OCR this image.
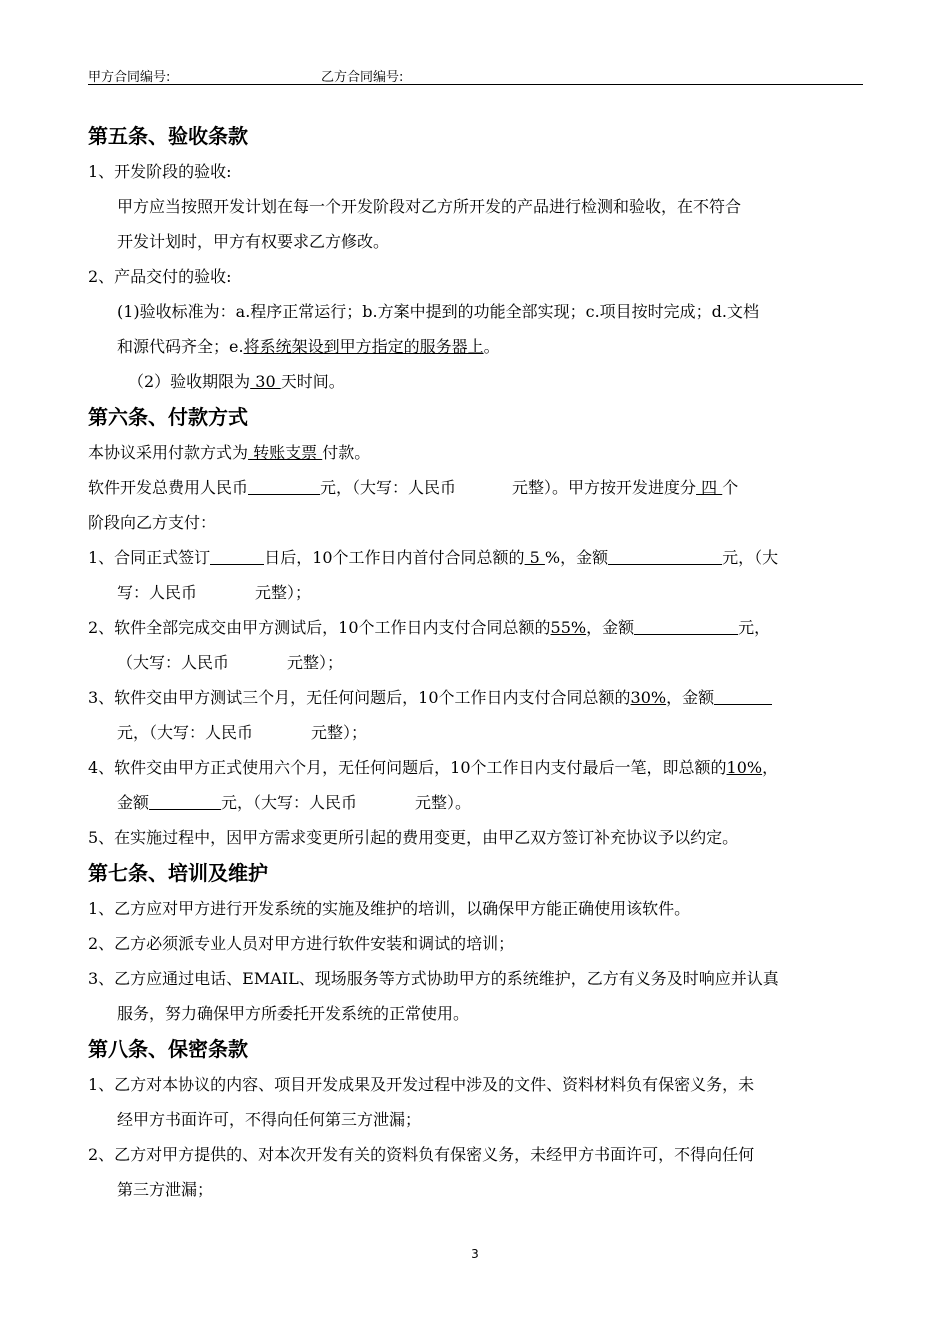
甲方合同编号:	乙方合同编号:
第五条、验收条款
1、开发阶段的验收:
甲方应当按照开发计划在每一个开发阶段对乙方所开发的产品进行检测和验收，在不符合
开发计划时，甲方有权要求乙方修改。
2、产品交付的验收:
(1)验收标准为：a.程序正常运行；b.方案中提到的功能全部实现；c.项目按时完成；d.文档
和源代码齐全；e.将系统架设到甲方指定的服务器上。
（2）验收期限为 30 天时间。
第六条、付款方式
本协议采用付款方式为 转账支票 付款。
软件开发总费用人民币	元，（大写：人民币	元整）。甲方按开发进度分 四 个
阶段向乙方支付：
1、合同正式签订	日后，10个工作日内首付合同总额的 5 %，金额	元，（大
写：人民币	元整）；
2、软件全部完成交由甲方测试后，10个工作日内支付合同总额的55%，金额	元，
（大写：人民币	元整）；
3、软件交由甲方测试三个月，无任何问题后，10个工作日内支付合同总额的30%，金额
元，（大写：人民币	元整）；
4、软件交由甲方正式使用六个月，无任何问题后，10个工作日内支付最后一笔，即总额的10%，
金额	元，（大写：人民币	元整）。
5、在实施过程中，因甲方需求变更所引起的费用变更，由甲乙双方签订补充协议予以约定。
第七条、培训及维护
1、乙方应对甲方进行开发系统的实施及维护的培训，以确保甲方能正确使用该软件。
2、乙方必须派专业人员对甲方进行软件安装和调试的培训；
3、乙方应通过电话、EMAIL、现场服务等方式协助甲方的系统维护，乙方有义务及时响应并认真
服务，努力确保甲方所委托开发系统的正常使用。
第八条、保密条款
1、乙方对本协议的内容、项目开发成果及开发过程中涉及的文件、资料材料负有保密义务，未
经甲方书面许可，不得向任何第三方泄漏；
2、乙方对甲方提供的、对本次开发有关的资料负有保密义务，未经甲方书面许可，不得向任何
第三方泄漏；
3
